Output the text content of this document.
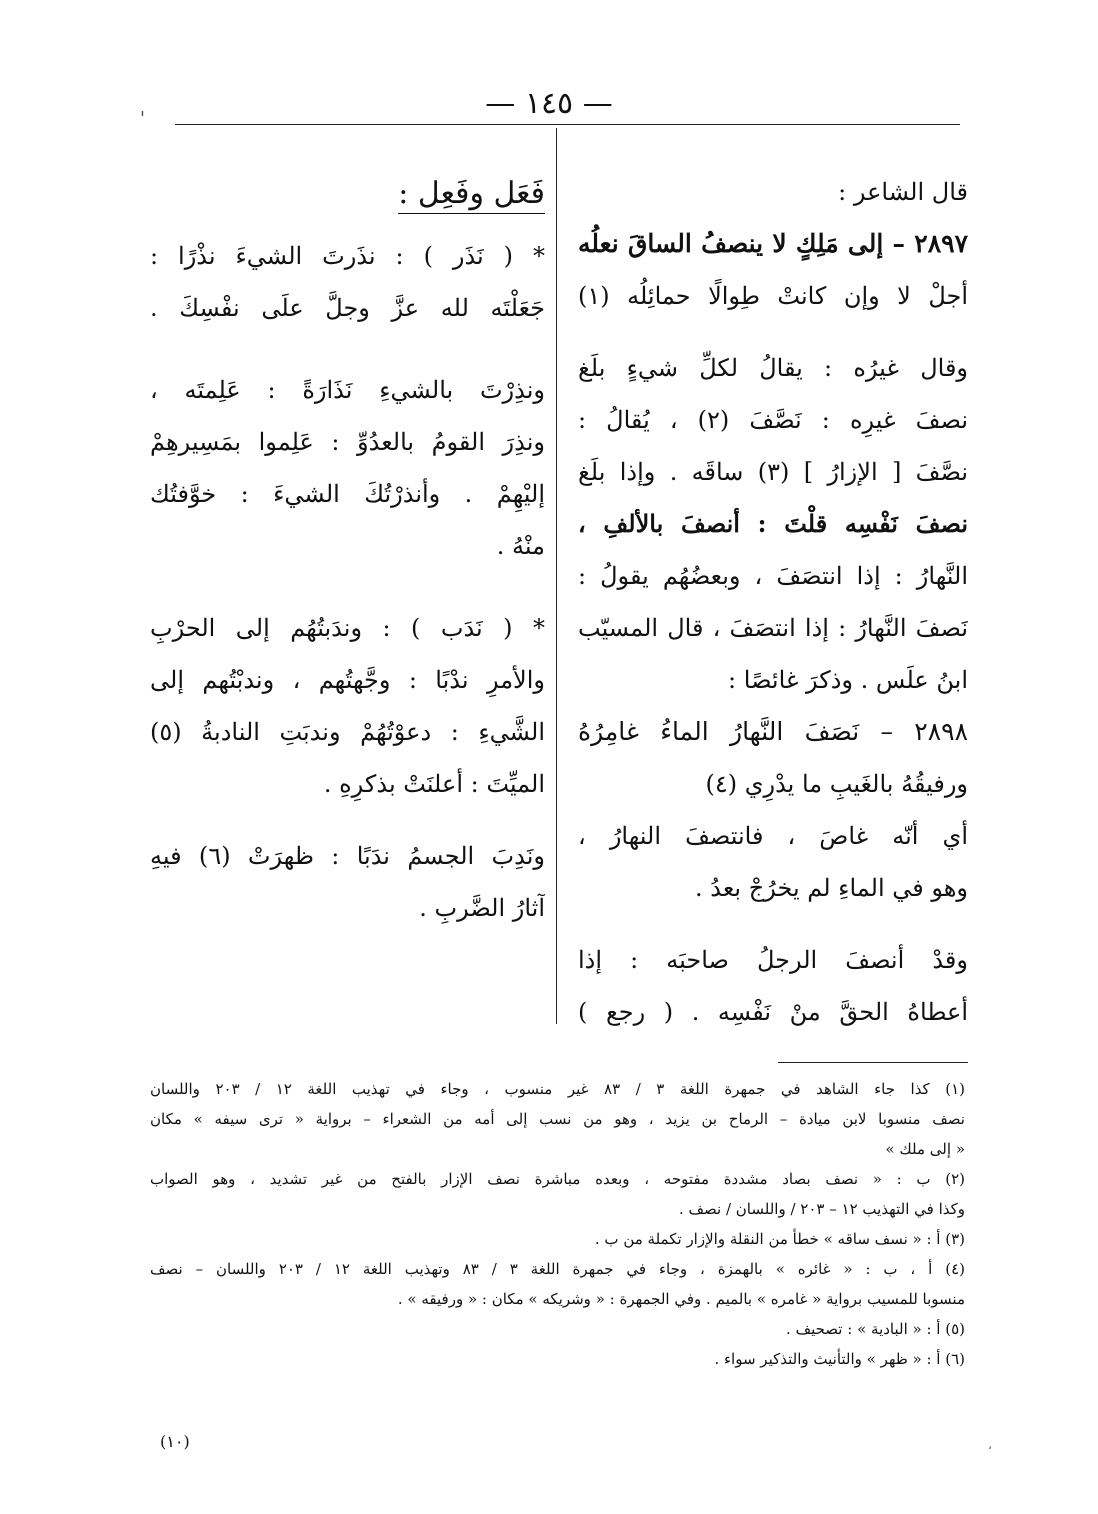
— ١٤٥ —
'
قال الشاعر :
٢٨٩٧ – إلى مَلِكٍ لا ينصفُ الساقَ نعلُه
أجلْ لا وإن كانتْ طِوالًا حمائِلُه (١)
وقال غيرُه : يقالُ لكلِّ شيءٍ بلَغ
نصفَ غيرِه : نَصَّفَ (٢) ، يُقالُ :
نصَّفَ [ الإزارُ ] (٣) ساقَه . وإذا بلَغ
نصفَ نَفْسِه قلْتَ : أنصفَ بالألفِ ،
النَّهارُ : إذا انتصَفَ ، وبعضُهُم يقولُ :
نَصفَ النَّهارُ : إذا انتصَفَ ، قال المسيّب
ابنُ علَس . وذكرَ غائصًا :
٢٨٩٨ – نَصَفَ النَّهارُ الماءُ غامِرُهُ
ورفيقُهُ بالغَيبِ ما يدْرِي (٤)
أي أنّه غاصَ ، فانتصفَ النهارُ ،
وهو في الماءِ لم يخرُجْ بعدُ .
وقدْ أنصفَ الرجلُ صاحبَه : إذا
أعطاهُ الحقَّ منْ نَفْسِه . ( رجع )
فَعَل وفَعِل :
* ( نَذَر ) : نذَرتَ الشيءَ نذْرًا :
جَعَلْتَه لله عزَّ وجلَّ علَى نفْسِكَ .
ونذِرْتَ بالشيءِ نَذَارَةً : عَلِمتَه ،
ونذِرَ القومُ بالعدُوِّ : عَلِموا بمَسِيرهِمْ
إليْهِمْ . وأنذرْتُكَ الشيءَ : خوَّفتُك
منْهُ .
* ( نَدَب ) : وندَبتُهُم إلى الحرْبِ
والأمرِ ندْبًا : وجَّهتُهم ، وندبْتُهم إلى
الشَّيءِ : دعوْتُهُمْ وندبَتِ النادبةُ (٥)
الميِّتَ : أعلنَتْ بذكرِهِ .
ونَدِبَ الجسمُ ندَبًا : ظهرَتْ (٦) فيهِ
آثارُ الضَّربِ .
(١) كذا جاء الشاهد في جمهرة اللغة ٣ / ٨٣ غير منسوب ، وجاء في تهذيب اللغة ١٢ / ٢٠٣ واللسان
نصف منسوبا لابن ميادة – الرماح بن يزيد ، وهو من نسب إلى أمه من الشعراء – برواية « ترى سيفه » مكان
« إلى ملك »
(٢) ب : « نصف بصاد مشددة مفتوحه ، وبعده مباشرة نصف الإزار بالفتح من غير تشديد ، وهو الصواب
وكذا في التهذيب ١٢ – ٢٠٣ / واللسان / نصف .
(٣) أ : « نسف ساقه » خطأ من النقلة والإزار تكملة من ب .
(٤) أ ، ب : « غائره » بالهمزة ، وجاء في جمهرة اللغة ٣ / ٨٣ وتهذيب اللغة ١٢ / ٢٠٣ واللسان – نصف
منسوبا للمسيب برواية « غامره » بالميم . وفي الجمهرة : « وشريكه » مكان : « ورفيقه » .
(٥) أ : « البادية » : تصحيف .
(٦) أ : « ظهر » والتأنيث والتذكير سواء .
(١٠)	،
